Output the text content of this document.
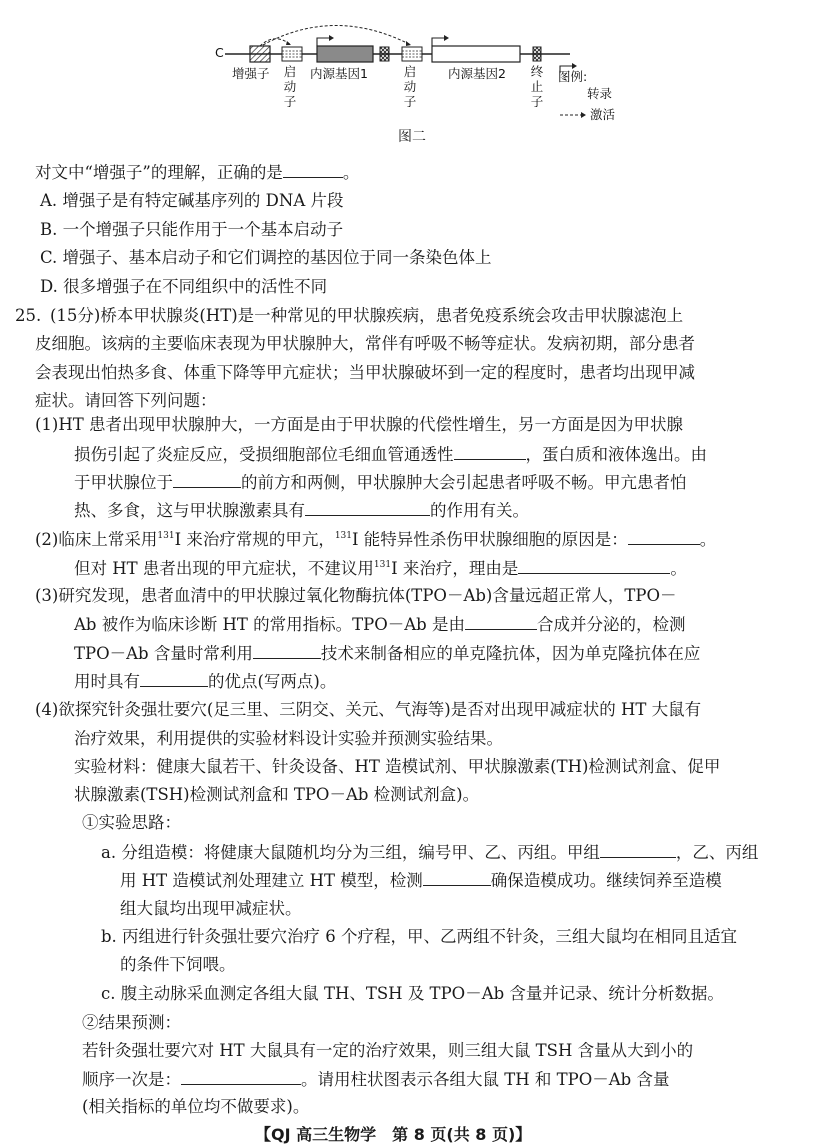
C
增强子 启动子
内源基因1	启动子
内源基因2 终止子
图例:
转录
激活
图二
对文中“增强子”的理解，正确的是	。
A. 增强子是有特定碱基序列的 DNA 片段
B. 一个增强子只能作用于一个基本启动子
C. 增强子、基本启动子和它们调控的基因位于同一条染色体上
D. 很多增强子在不同组织中的活性不同
25. (15分)桥本甲状腺炎(HT)是一种常见的甲状腺疾病，患者免疫系统会攻击甲状腺滤泡上
皮细胞。该病的主要临床表现为甲状腺肿大，常伴有呼吸不畅等症状。发病初期，部分患者
会表现出怕热多食、体重下降等甲亢症状；当甲状腺破坏到一定的程度时，患者均出现甲减
症状。请回答下列问题：
(1)HT 患者出现甲状腺肿大，一方面是由于甲状腺的代偿性增生，另一方面是因为甲状腺
损伤引起了炎症反应，受损细胞部位毛细血管通透性	，蛋白质和液体逸出。由
于甲状腺位于	的前方和两侧，甲状腺肿大会引起患者呼吸不畅。甲亢患者怕
热、多食，这与甲状腺激素具有	的作用有关。
(2)临床上常采用$^{131}$I 来治疗常规的甲亢，$^{131}$I 能特异性杀伤甲状腺细胞的原因是：	。
但对 HT 患者出现的甲亢症状，不建议用$^{131}$I 来治疗，理由是	。
(3)研究发现，患者血清中的甲状腺过氧化物酶抗体(TPO－Ab)含量远超正常人，TPO－
Ab 被作为临床诊断 HT 的常用指标。TPO－Ab 是由	合成并分泌的，检测
TPO－Ab 含量时常利用	技术来制备相应的单克隆抗体，因为单克隆抗体在应
用时具有	的优点(写两点)。
(4)欲探究针灸强壮要穴(足三里、三阴交、关元、气海等)是否对出现甲减症状的 HT 大鼠有
治疗效果，利用提供的实验材料设计实验并预测实验结果。
实验材料：健康大鼠若干、针灸设备、HT 造模试剂、甲状腺激素(TH)检测试剂盒、促甲
状腺激素(TSH)检测试剂盒和 TPO－Ab 检测试剂盒)。
①实验思路：
a. 分组造模：将健康大鼠随机均分为三组，编号甲、乙、丙组。甲组	，乙、丙组
用 HT 造模试剂处理建立 HT 模型，检测	确保造模成功。继续饲养至造模
组大鼠均出现甲减症状。
b. 丙组进行针灸强壮要穴治疗 6 个疗程，甲、乙两组不针灸，三组大鼠均在相同且适宜
的条件下饲喂。
c. 腹主动脉采血测定各组大鼠 TH、TSH 及 TPO－Ab 含量并记录、统计分析数据。
②结果预测：
若针灸强壮要穴对 HT 大鼠具有一定的治疗效果，则三组大鼠 TSH 含量从大到小的
顺序一次是：	。请用柱状图表示各组大鼠 TH 和 TPO－Ab 含量
(相关指标的单位均不做要求)。
【QJ 高三生物学　第 8 页(共 8 页)】
